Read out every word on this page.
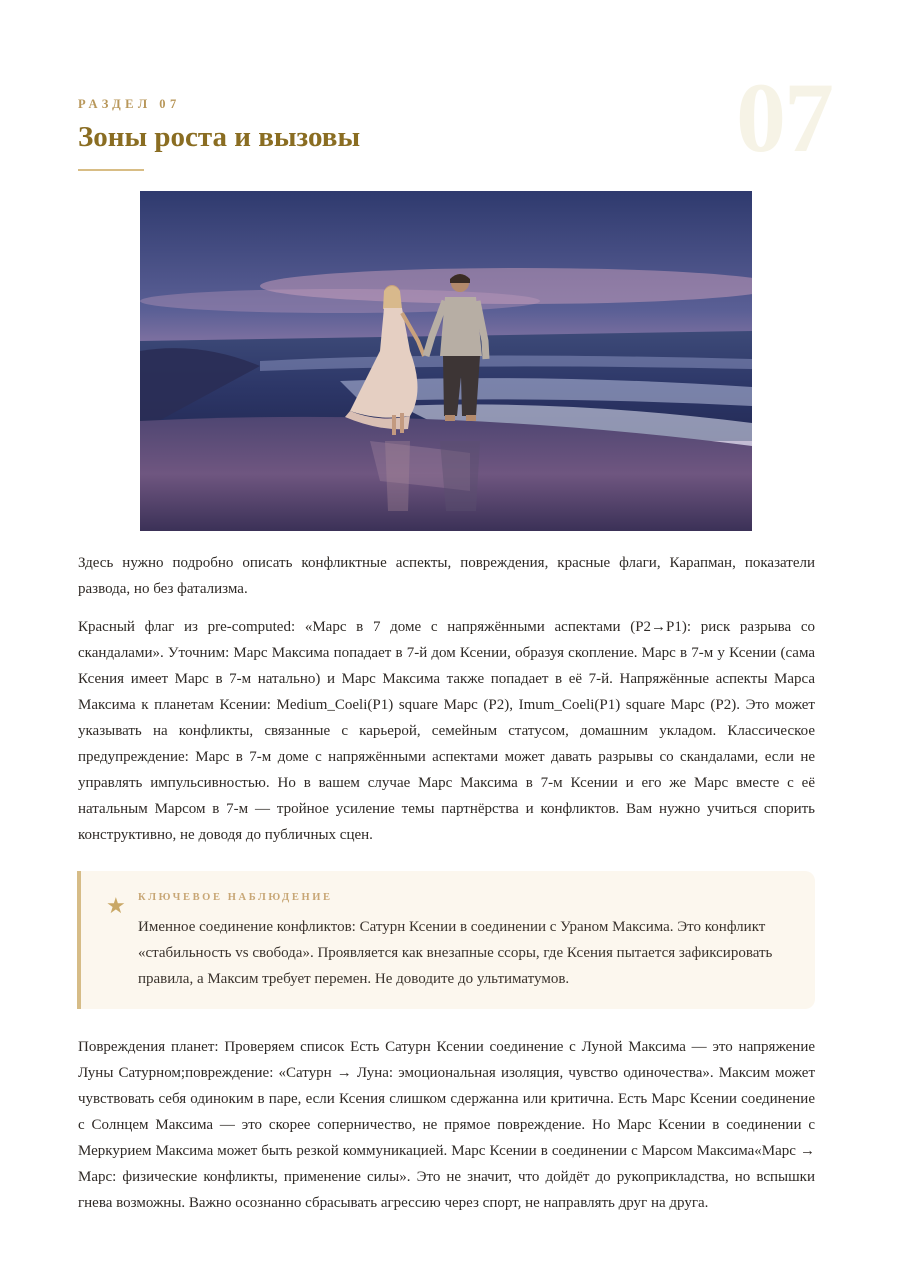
07
РАЗДЕЛ 07
Зоны роста и вызовы

Здесь нужно подробно описать конфликтные аспекты, повреждения, красные флаги, Карапман, показатели развода, но без фатализма.

Красный флаг из pre-computed: «Марс в 7 доме с напряжёнными аспектами (P2→P1): риск разрыва со скандалами». Уточним: Марс Максима попадает в 7-й дом Ксении, образуя скопление. Марс в 7-м у Ксении (сама Ксения имеет Марс в 7-м натально) и Марс Максима также попадает в её 7-й. Напряжённые аспекты Марса Максима к планетам Ксении: Medium_Coeli(P1) square Марс (P2), Imum_Coeli(P1) square Марс (P2). Это может указывать на конфликты, связанные с карьерой, семейным статусом, домашним укладом. Классическое предупреждение: Марс в 7-м доме с напряжёнными аспектами может давать разрывы со скандалами, если не управлять импульсивностью. Но в вашем случае Марс Максима в 7-м Ксении и его же Марс вместе с её натальным Марсом в 7-м — тройное усиление темы партнёрства и конфликтов. Вам нужно учиться спорить конструктивно, не доводя до публичных сцен.

★ КЛЮЧЕВОЕ НАБЛЮДЕНИЕ

Именное соединение конфликтов: Сатурн Ксении в соединении с Ураном Максима. Это конфликт «стабильность vs свобода». Проявляется как внезапные ссоры, где Ксения пытается зафиксировать правила, а Максим требует перемен. Не доводите до ультиматумов.

Повреждения планет: Проверяем список Есть Сатурн Ксении соединение с Луной Максима — это напряжение Луны Сатурном;повреждение: «Сатурн → Луна: эмоциональная изоляция, чувство одиночества». Максим может чувствовать себя одиноким в паре, если Ксения слишком сдержанна или критична. Есть Марс Ксении соединение с Солнцем Максима — это скорее соперничество, не прямое повреждение. Но Марс Ксении в соединении с Меркурием Максима может быть резкой коммуникацией. Марс Ксении в соединении с Марсом Максима«Марс → Марс: физические конфликты, применение силы». Это не значит, что дойдёт до рукоприкладства, но вспышки гнева возможны. Важно осознанно сбрасывать агрессию через спорт, не направлять друг на друга.
